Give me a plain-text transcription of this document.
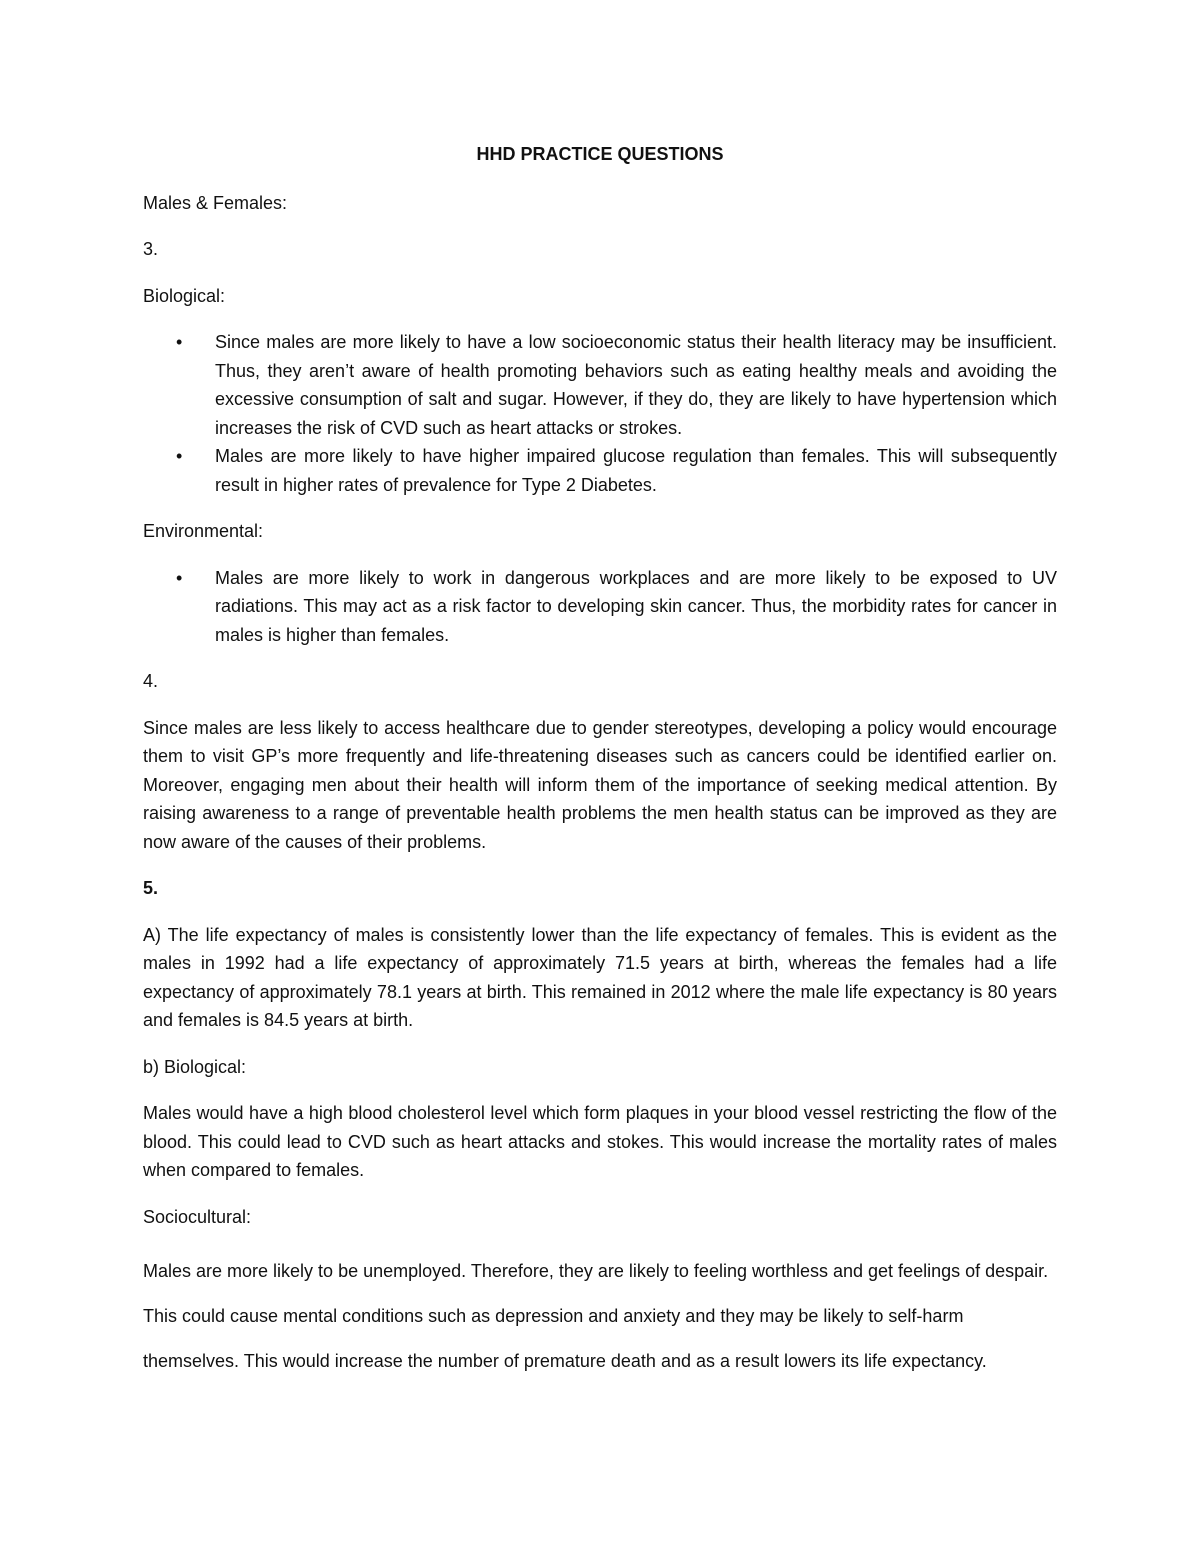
HHD PRACTICE QUESTIONS

Males & Females:

3.

Biological:

• Since males are more likely to have a low socioeconomic status their health literacy may be insufficient. Thus, they aren’t aware of health promoting behaviors such as eating healthy meals and avoiding the excessive consumption of salt and sugar. However, if they do, they are likely to have hypertension which increases the risk of CVD such as heart attacks or strokes.
• Males are more likely to have higher impaired glucose regulation than females. This will subsequently result in higher rates of prevalence for Type 2 Diabetes.

Environmental:

• Males are more likely to work in dangerous workplaces and are more likely to be exposed to UV radiations. This may act as a risk factor to developing skin cancer. Thus, the morbidity rates for cancer in males is higher than females.

4.

Since males are less likely to access healthcare due to gender stereotypes, developing a policy would encourage them to visit GP’s more frequently and life-threatening diseases such as cancers could be identified earlier on. Moreover, engaging men about their health will inform them of the importance of seeking medical attention. By raising awareness to a range of preventable health problems the men health status can be improved as they are now aware of the causes of their problems.

5.

A) The life expectancy of males is consistently lower than the life expectancy of females. This is evident as the males in 1992 had a life expectancy of approximately 71.5 years at birth, whereas the females had a life expectancy of approximately 78.1 years at birth. This remained in 2012 where the male life expectancy is 80 years and females is 84.5 years at birth.

b) Biological:

Males would have a high blood cholesterol level which form plaques in your blood vessel restricting the flow of the blood. This could lead to CVD such as heart attacks and stokes. This would increase the mortality rates of males when compared to females.

Sociocultural:

Males are more likely to be unemployed. Therefore, they are likely to feeling worthless and get feelings of despair. This could cause mental conditions such as depression and anxiety and they may be likely to self-harm themselves. This would increase the number of premature death and as a result lowers its life expectancy.
